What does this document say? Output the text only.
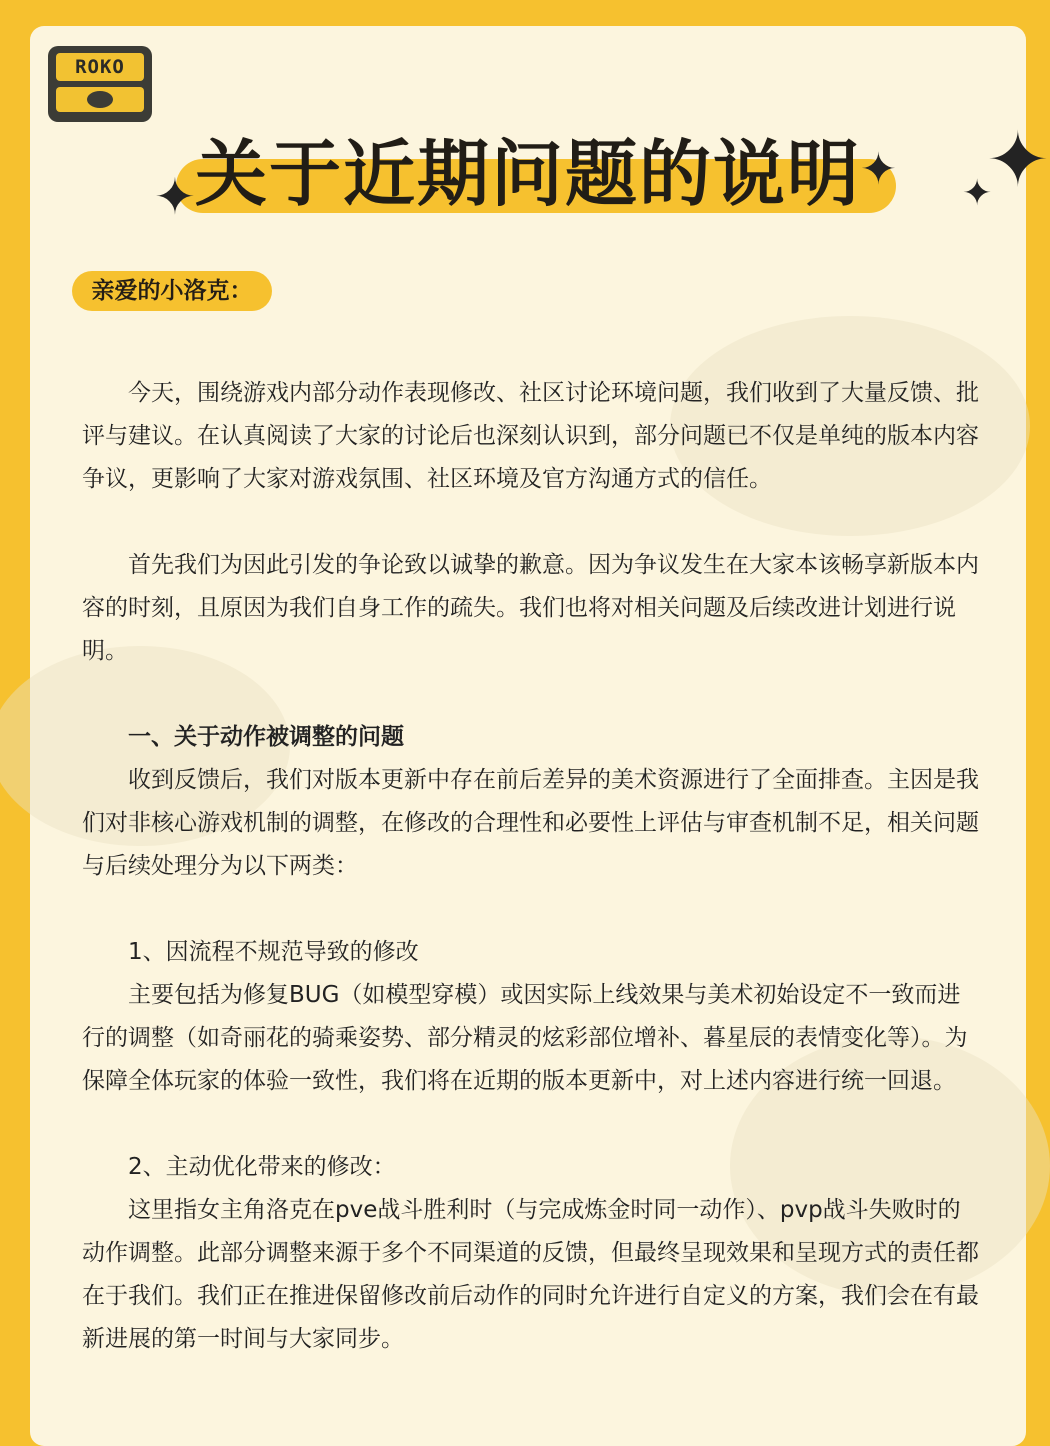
ROKO
关于近期问题的说明
✦	✦ ✦
✦
亲爱的小洛克：

今天，围绕游戏内部分动作表现修改、社区讨论环境问题，我们收到了大量反馈、批评与建议。在认真阅读了大家的讨论后也深刻认识到，部分问题已不仅是单纯的版本内容争议，更影响了大家对游戏氛围、社区环境及官方沟通方式的信任。

首先我们为因此引发的争论致以诚挚的歉意。因为争议发生在大家本该畅享新版本内容的时刻，且原因为我们自身工作的疏失。我们也将对相关问题及后续改进计划进行说明。

一、关于动作被调整的问题

收到反馈后，我们对版本更新中存在前后差异的美术资源进行了全面排查。主因是我们对非核心游戏机制的调整，在修改的合理性和必要性上评估与审查机制不足，相关问题与后续处理分为以下两类：

1、因流程不规范导致的修改

主要包括为修复BUG（如模型穿模）或因实际上线效果与美术初始设定不一致而进行的调整（如奇丽花的骑乘姿势、部分精灵的炫彩部位增补、暮星辰的表情变化等）。为保障全体玩家的体验一致性，我们将在近期的版本更新中，对上述内容进行统一回退。

2、主动优化带来的修改：

这里指女主角洛克在pve战斗胜利时（与完成炼金时同一动作）、pvp战斗失败时的动作调整。此部分调整来源于多个不同渠道的反馈，但最终呈现效果和呈现方式的责任都在于我们。我们正在推进保留修改前后动作的同时允许进行自定义的方案，我们会在有最新进展的第一时间与大家同步。
